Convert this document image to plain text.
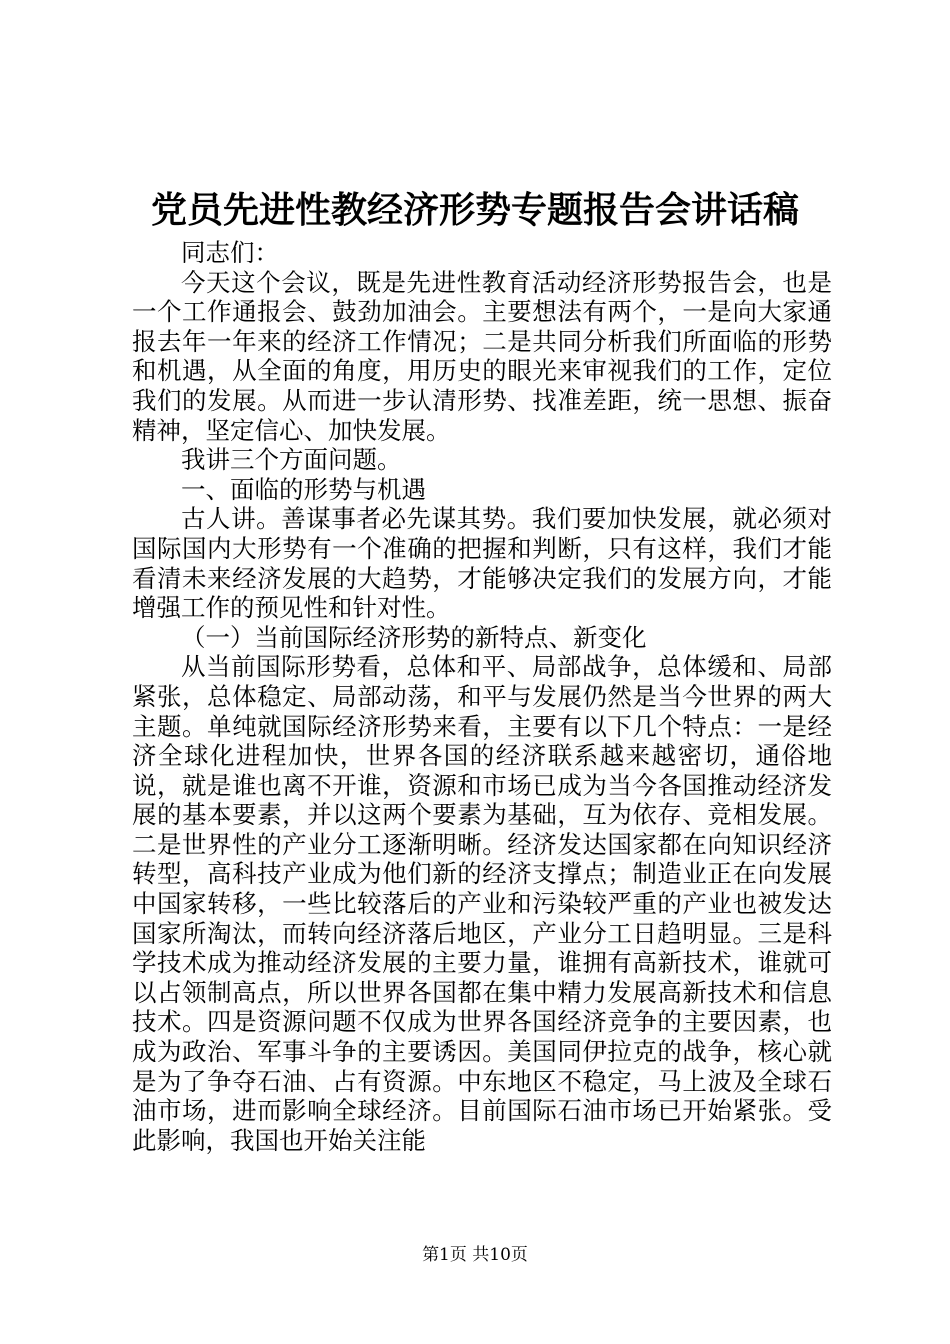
党员先进性教经济形势专题报告会讲话稿

同志们：

今天这个会议，既是先进性教育活动经济形势报告会，也是一个工作通报会、鼓劲加油会。主要想法有两个，一是向大家通报去年一年来的经济工作情况；二是共同分析我们所面临的形势和机遇，从全面的角度，用历史的眼光来审视我们的工作，定位我们的发展。从而进一步认清形势、找准差距，统一思想、振奋精神，坚定信心、加快发展。

我讲三个方面问题。

一、面临的形势与机遇

古人讲。善谋事者必先谋其势。我们要加快发展，就必须对国际国内大形势有一个准确的把握和判断，只有这样，我们才能看清未来经济发展的大趋势，才能够决定我们的发展方向，才能增强工作的预见性和针对性。

（一）当前国际经济形势的新特点、新变化

从当前国际形势看，总体和平、局部战争，总体缓和、局部紧张，总体稳定、局部动荡，和平与发展仍然是当今世界的两大主题。单纯就国际经济形势来看，主要有以下几个特点：一是经济全球化进程加快，世界各国的经济联系越来越密切，通俗地说，就是谁也离不开谁，资源和市场已成为当今各国推动经济发展的基本要素，并以这两个要素为基础，互为依存、竞相发展。二是世界性的产业分工逐渐明晰。经济发达国家都在向知识经济转型，高科技产业成为他们新的经济支撑点；制造业正在向发展中国家转移，一些比较落后的产业和污染较严重的产业也被发达国家所淘汰，而转向经济落后地区，产业分工日趋明显。三是科学技术成为推动经济发展的主要力量，谁拥有高新技术，谁就可以占领制高点，所以世界各国都在集中精力发展高新技术和信息技术。四是资源问题不仅成为世界各国经济竞争的主要因素，也成为政治、军事斗争的主要诱因。美国同伊拉克的战争，核心就是为了争夺石油、占有资源。中东地区不稳定，马上波及全球石油市场，进而影响全球经济。目前国际石油市场已开始紧张。受此影响，我国也开始关注能

第1页 共10页
